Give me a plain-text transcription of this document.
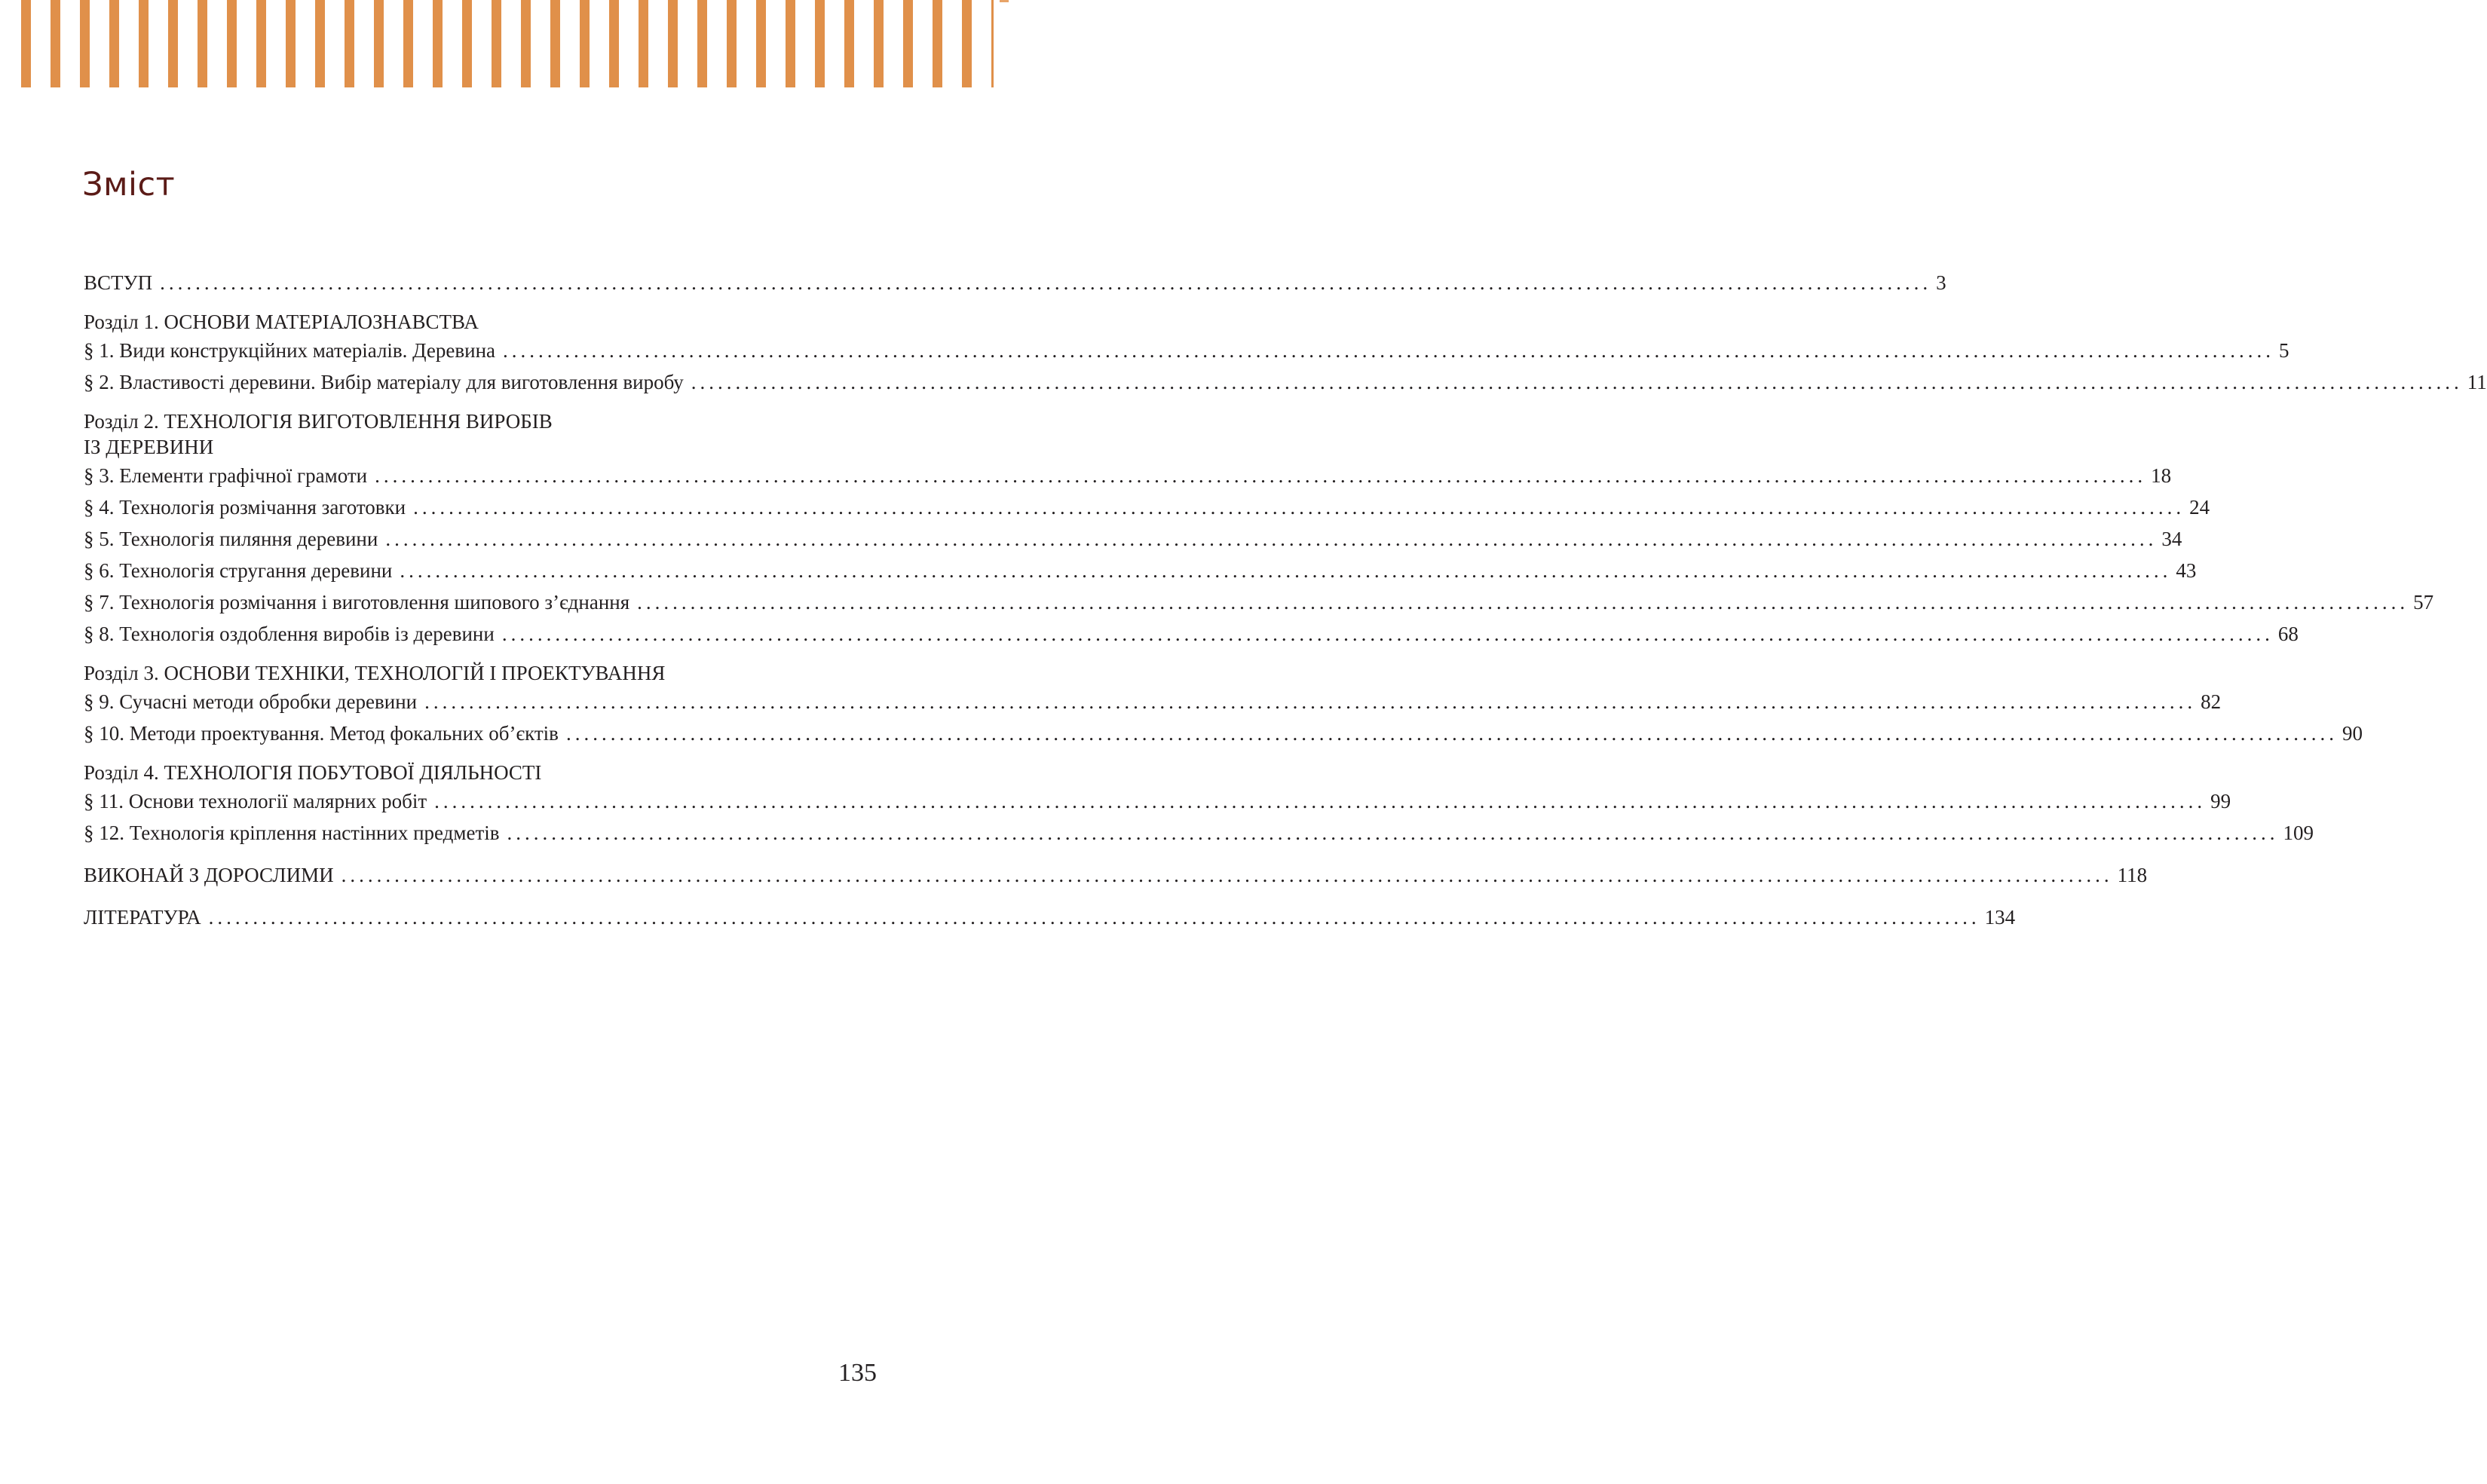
Зміст
ВСТУП ........................................................................................................................................................................................................ 3
Розділ 1. ОСНОВИ МАТЕРІАЛОЗНАВСТВА
§ 1. Види конструкційних матеріалів. Деревина ........................................................................................................................................................................................................ 5
§ 2. Властивості деревини. Вибір матеріалу для виготовлення виробу ........................................................................................................................................................................................................ 11
Розділ 2. ТЕХНОЛОГІЯ ВИГОТОВЛЕННЯ ВИРОБІВ
ІЗ ДЕРЕВИНИ
§ 3. Елементи графічної грамоти ........................................................................................................................................................................................................ 18
§ 4. Технологія розмічання заготовки ........................................................................................................................................................................................................ 24
§ 5. Технологія пиляння деревини ........................................................................................................................................................................................................ 34
§ 6. Технологія стругання деревини ........................................................................................................................................................................................................ 43
§ 7. Технологія розмічання і виготовлення шипового з’єднання ........................................................................................................................................................................................................ 57
§ 8. Технологія оздоблення виробів із деревини ........................................................................................................................................................................................................ 68
Розділ 3. ОСНОВИ ТЕХНІКИ, ТЕХНОЛОГІЙ І ПРОЕКТУВАННЯ
§ 9. Сучасні методи обробки деревини ........................................................................................................................................................................................................ 82
§ 10. Методи проектування. Метод фокальних об’єктів ........................................................................................................................................................................................................ 90
Розділ 4. ТЕХНОЛОГІЯ ПОБУТОВОЇ ДІЯЛЬНОСТІ
§ 11. Основи технології малярних робіт ........................................................................................................................................................................................................ 99
§ 12. Технологія кріплення настінних предметів ........................................................................................................................................................................................................ 109
ВИКОНАЙ З ДОРОСЛИМИ ........................................................................................................................................................................................................ 118
ЛІТЕРАТУРА ........................................................................................................................................................................................................ 134
135
